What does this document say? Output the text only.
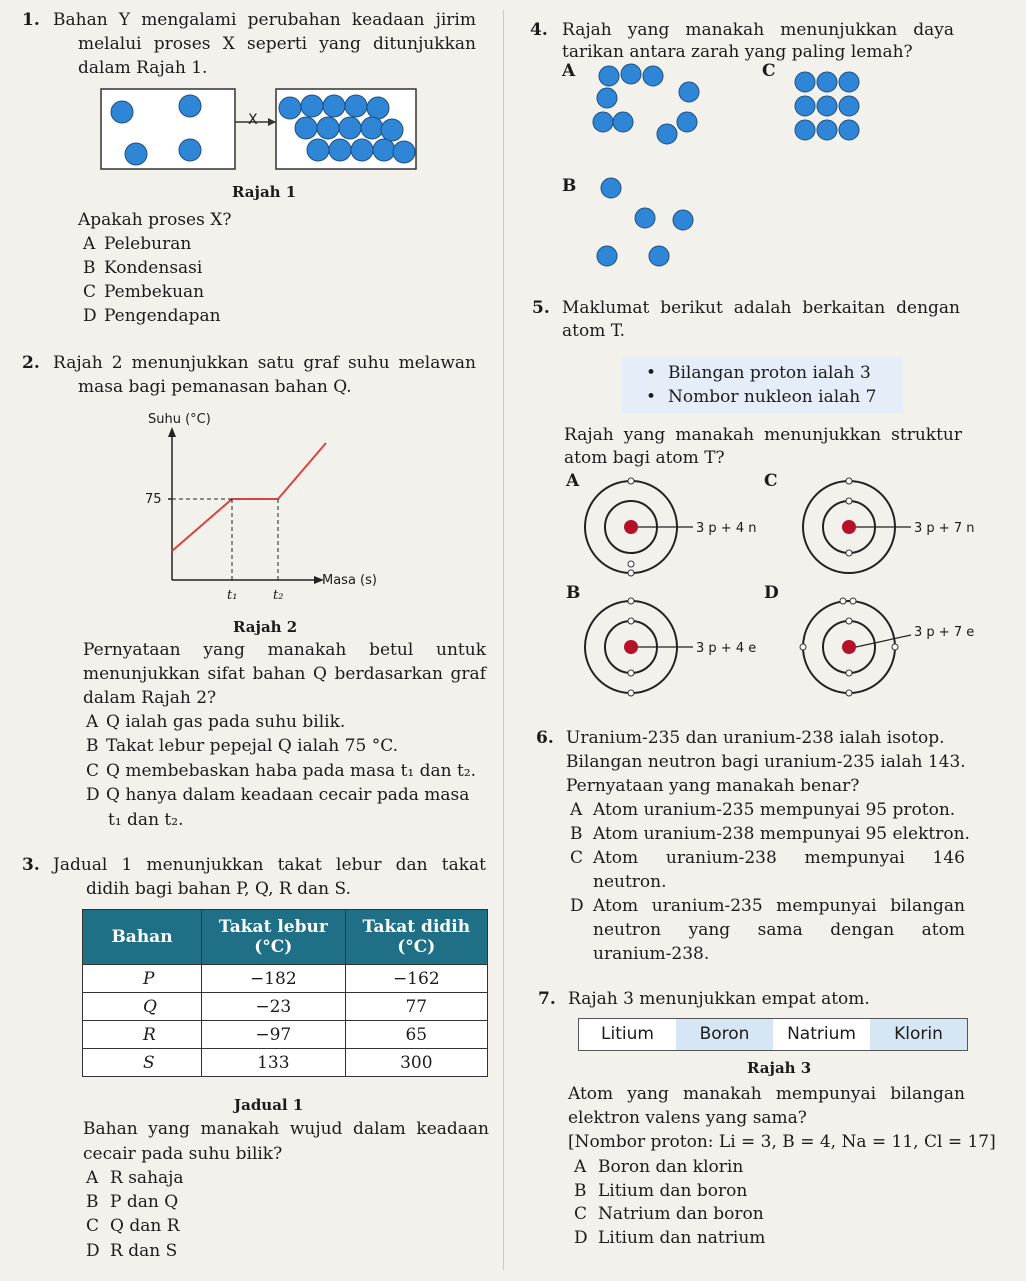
1. Bahan Y mengalami perubahan keadaan jirim
melalui proses X seperti yang ditunjukkan
dalam Rajah 1.
X
Rajah 1
Apakah proses X?
A Peleburan
B Kondensasi
C Pembekuan
D Pengendapan
2. Rajah 2 menunjukkan satu graf suhu melawan
masa bagi pemanasan bahan Q.
Suhu (°C)
75
Masa (s)
t₁	t₂
Rajah 2
Pernyataan yang manakah betul untuk
menunjukkan sifat bahan Q berdasarkan graf
dalam Rajah 2?
A Q ialah gas pada suhu bilik.
B Takat lebur pepejal Q ialah 75 °C.
C Q membebaskan haba pada masa t₁ dan t₂.
D Q hanya dalam keadaan cecair pada masa
t₁ dan t₂.
3. Jadual 1 menunjukkan takat lebur dan takat
didih bagi bahan P, Q, R dan S.
Bahan	Takat lebur (°C)	Takat didih (°C)
P	−182	−162
Q	−23	77
R	−97	65
S	133	300
Jadual 1
Bahan yang manakah wujud dalam keadaan
cecair pada suhu bilik?
A R sahaja
B P dan Q
C Q dan R
D R dan S
4. Rajah yang manakah menunjukkan daya
tarikan antara zarah yang paling lemah?
A	C
B
5. Maklumat berikut adalah berkaitan dengan
atom T.
• Bilangan proton ialah 3
• Nombor nukleon ialah 7
Rajah yang manakah menunjukkan struktur
atom bagi atom T?
A	C
B	D
3 p + 4 n	3 p + 7 n
3 p + 4 e
3 p + 7 e
6. Uranium-235 dan uranium-238 ialah isotop.
Bilangan neutron bagi uranium-235 ialah 143.
Pernyataan yang manakah benar?
A Atom uranium-235 mempunyai 95 proton.
B Atom uranium-238 mempunyai 95 elektron.
C Atom uranium-238 mempunyai 146
neutron.
D Atom uranium-235 mempunyai bilangan
neutron yang sama dengan atom
uranium-238.
7. Rajah 3 menunjukkan empat atom.
Litium	Boron	Natrium	Klorin
Rajah 3
Atom yang manakah mempunyai bilangan
elektron valens yang sama?
[Nombor proton: Li = 3, B = 4, Na = 11, Cl = 17]
A Boron dan klorin
B Litium dan boron
C Natrium dan boron
D Litium dan natrium
